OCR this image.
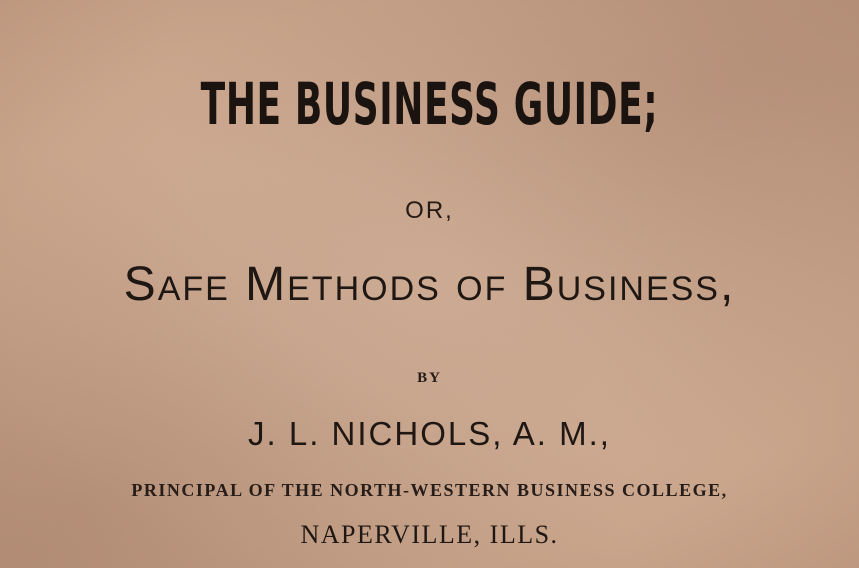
THE BUSINESS GUIDE;
OR,
Safe Methods of Business,
BY
J. L. NICHOLS, A. M.,
PRINCIPAL OF THE NORTH-WESTERN BUSINESS COLLEGE,
NAPERVILLE, ILLS.
